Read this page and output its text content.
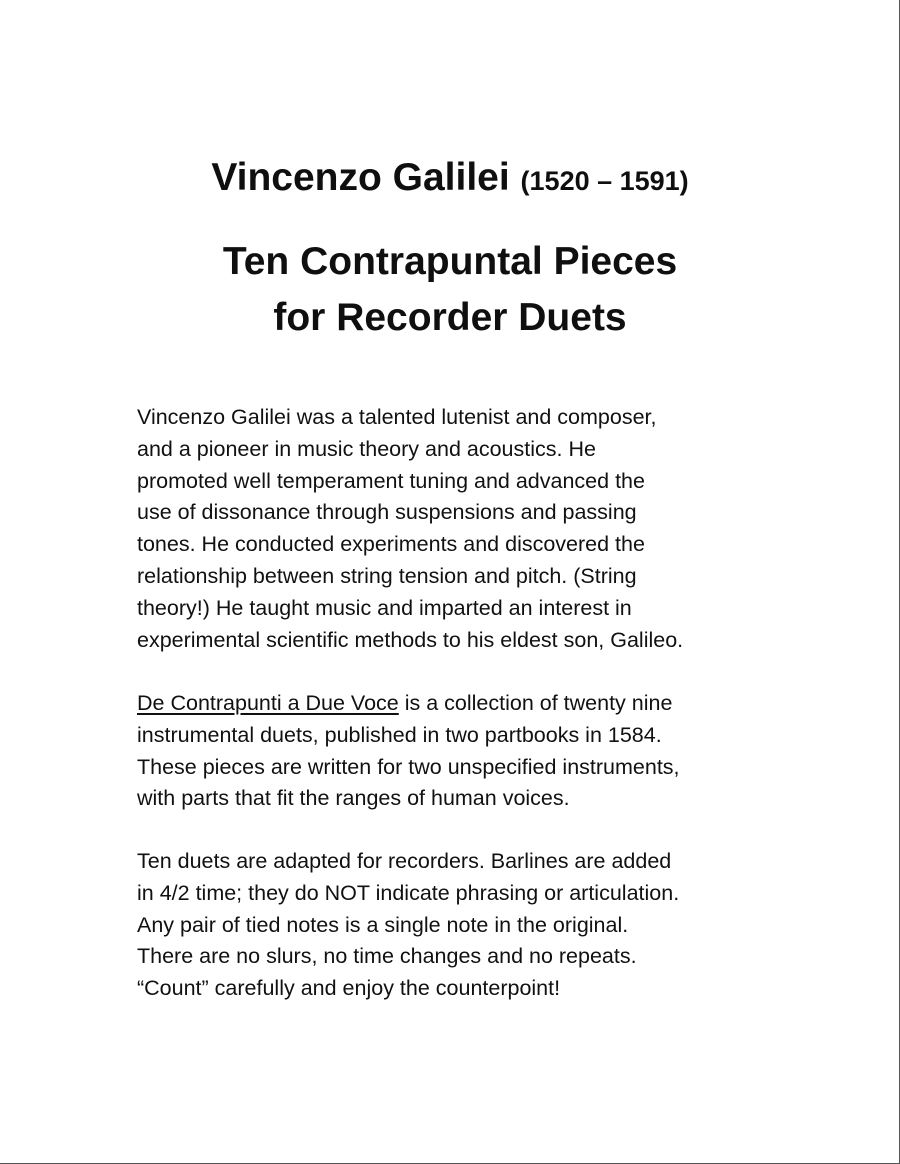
Vincenzo Galilei (1520 – 1591)
Ten Contrapuntal Pieces
for Recorder Duets
Vincenzo Galilei was a talented lutenist and composer,
and a pioneer in music theory and acoustics. He
promoted well temperament tuning and advanced the
use of dissonance through suspensions and passing
tones. He conducted experiments and discovered the
relationship between string tension and pitch. (String
theory!) He taught music and imparted an interest in
experimental scientific methods to his eldest son, Galileo.
De Contrapunti a Due Voce is a collection of twenty nine
instrumental duets, published in two partbooks in 1584.
These pieces are written for two unspecified instruments,
with parts that fit the ranges of human voices.
Ten duets are adapted for recorders. Barlines are added
in 4/2 time; they do NOT indicate phrasing or articulation.
Any pair of tied notes is a single note in the original.
There are no slurs, no time changes and no repeats.
“Count” carefully and enjoy the counterpoint!
